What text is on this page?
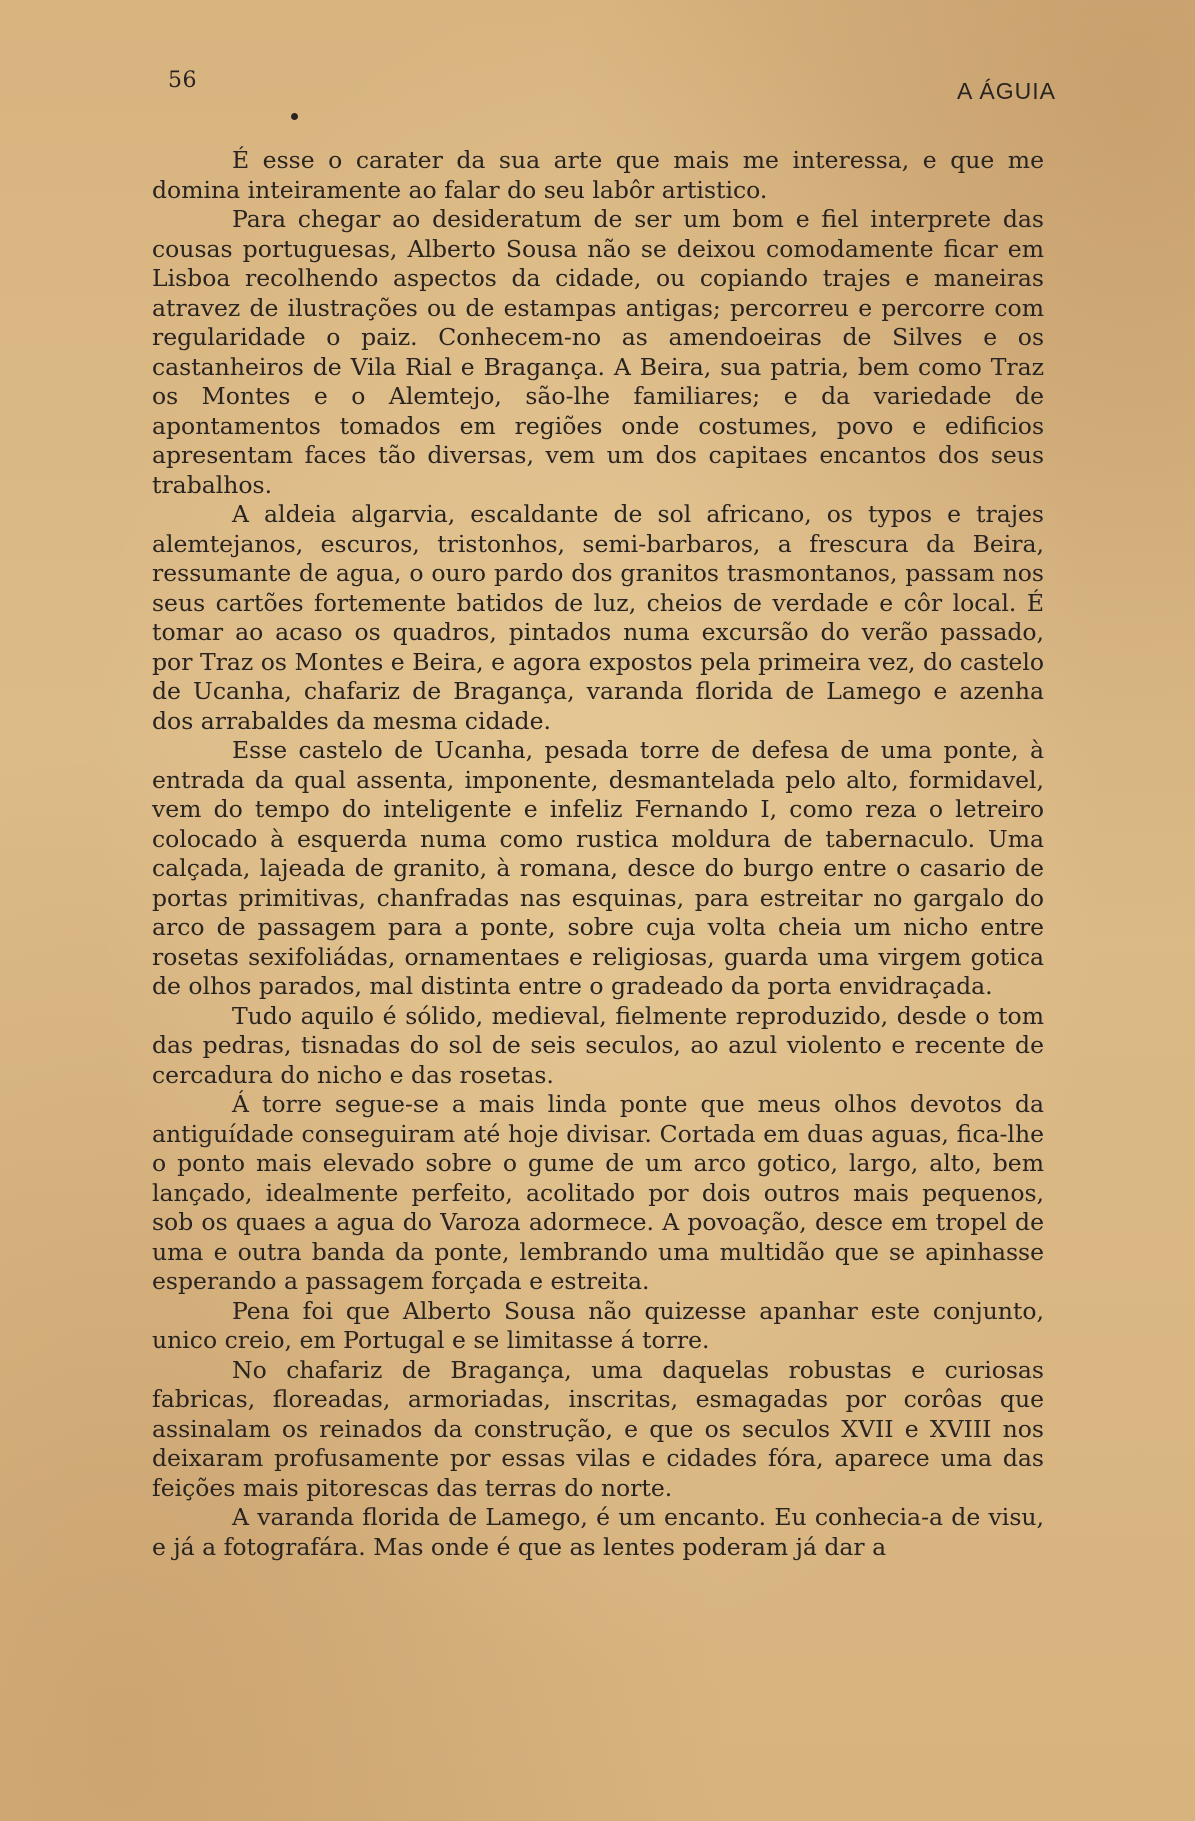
56	A ÁGUIA

É esse o carater da sua arte que mais me interessa, e que me domina inteiramente ao falar do seu labôr artistico.

Para chegar ao desideratum de ser um bom e fiel interprete das cousas portuguesas, Alberto Sousa não se deixou comodamente ficar em Lisboa recolhendo aspectos da cidade, ou copiando trajes e maneiras atravez de ilustrações ou de estampas antigas; percorreu e percorre com regularidade o paiz. Conhecem-no as amendoeiras de Silves e os castanheiros de Vila Rial e Bragança. A Beira, sua patria, bem como Traz os Montes e o Alemtejo, são-lhe familiares; e da variedade de apontamentos tomados em regiões onde costumes, povo e edificios apresentam faces tão diversas, vem um dos capitaes encantos dos seus trabalhos.

A aldeia algarvia, escaldante de sol africano, os typos e trajes alemtejanos, escuros, tristonhos, semi-barbaros, a frescura da Beira, ressumante de agua, o ouro pardo dos granitos trasmontanos, passam nos seus cartões fortemente batidos de luz, cheios de verdade e côr local. É tomar ao acaso os quadros, pintados numa excursão do verão passado, por Traz os Montes e Beira, e agora expostos pela primeira vez, do castelo de Ucanha, chafariz de Bragança, varanda florida de Lamego e azenha dos arrabaldes da mesma cidade.

Esse castelo de Ucanha, pesada torre de defesa de uma ponte, à entrada da qual assenta, imponente, desmantelada pelo alto, formidavel, vem do tempo do inteligente e infeliz Fernando I, como reza o letreiro colocado à esquerda numa como rustica moldura de tabernaculo. Uma calçada, lajeada de granito, à romana, desce do burgo entre o casario de portas primitivas, chanfradas nas esquinas, para estreitar no gargalo do arco de passagem para a ponte, sobre cuja volta cheia um nicho entre rosetas sexifoliádas, ornamentaes e religiosas, guarda uma virgem gotica de olhos parados, mal distinta entre o gradeado da porta envidraçada.

Tudo aquilo é sólido, medieval, fielmente reproduzido, desde o tom das pedras, tisnadas do sol de seis seculos, ao azul violento e recente de cercadura do nicho e das rosetas.

Á torre segue-se a mais linda ponte que meus olhos devotos da antiguídade conseguiram até hoje divisar. Cortada em duas aguas, fica-lhe o ponto mais elevado sobre o gume de um arco gotico, largo, alto, bem lançado, idealmente perfeito, acolitado por dois outros mais pequenos, sob os quaes a agua do Varoza adormece. A povoação, desce em tropel de uma e outra banda da ponte, lembrando uma multidão que se apinhasse esperando a passagem forçada e estreita.

Pena foi que Alberto Sousa não quizesse apanhar este conjunto, unico creio, em Portugal e se limitasse á torre.

No chafariz de Bragança, uma daquelas robustas e curiosas fabricas, floreadas, armoriadas, inscritas, esmagadas por corôas que assinalam os reinados da construção, e que os seculos XVII e XVIII nos deixaram profusamente por essas vilas e cidades fóra, aparece uma das feições mais pitorescas das terras do norte.

A varanda florida de Lamego, é um encanto. Eu conhecia-a de visu, e já a fotografára. Mas onde é que as lentes poderam já dar a
